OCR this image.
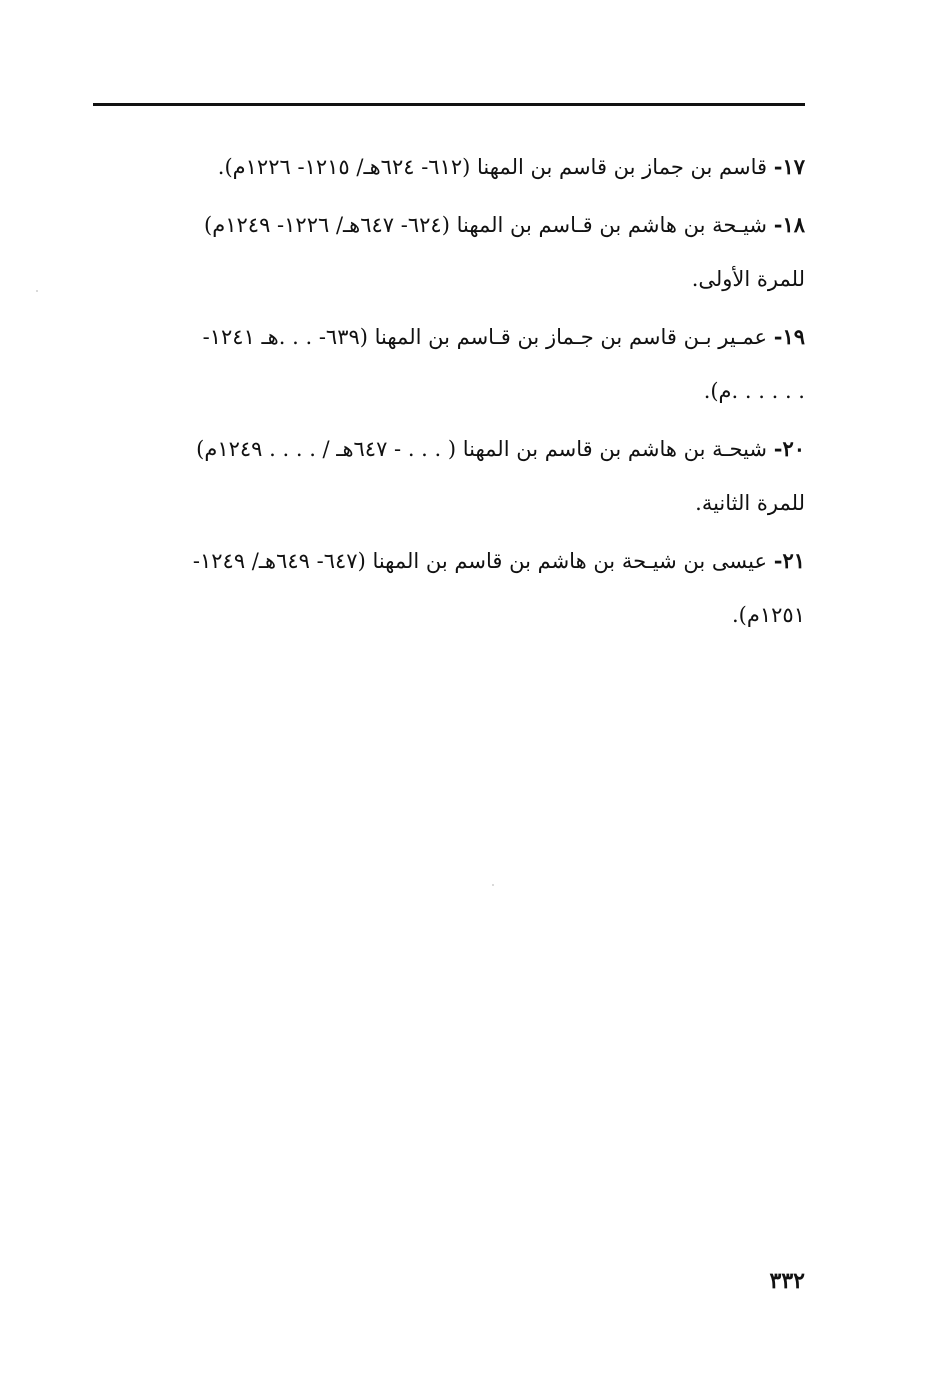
١٧- قاسم بن جماز بن قاسم بن المهنا (٦١٢- ٦٢٤هـ/ ١٢١٥- ١٢٢٦م).

١٨- شيـحة بن هاشم بن قـاسم بن المهنا (٦٢٤- ٦٤٧هـ/ ١٢٢٦- ١٢٤٩م)
للمرة الأولى.

١٩- عمـير بـن قاسم بن جـماز بن قـاسم بن المهنا (٦٣٩- . . .هـ ١٢٤١-
. . . . . .م).

٢٠- شيحـة بن هاشم بن قاسم بن المهنا ( . . . - ٦٤٧هـ / . . . . ١٢٤٩م)
للمرة الثانية.

٢١- عيسى بن شيـحة بن هاشم بن قاسم بن المهنا (٦٤٧- ٦٤٩هـ/ ١٢٤٩-
١٢٥١م).

٣٣٢
